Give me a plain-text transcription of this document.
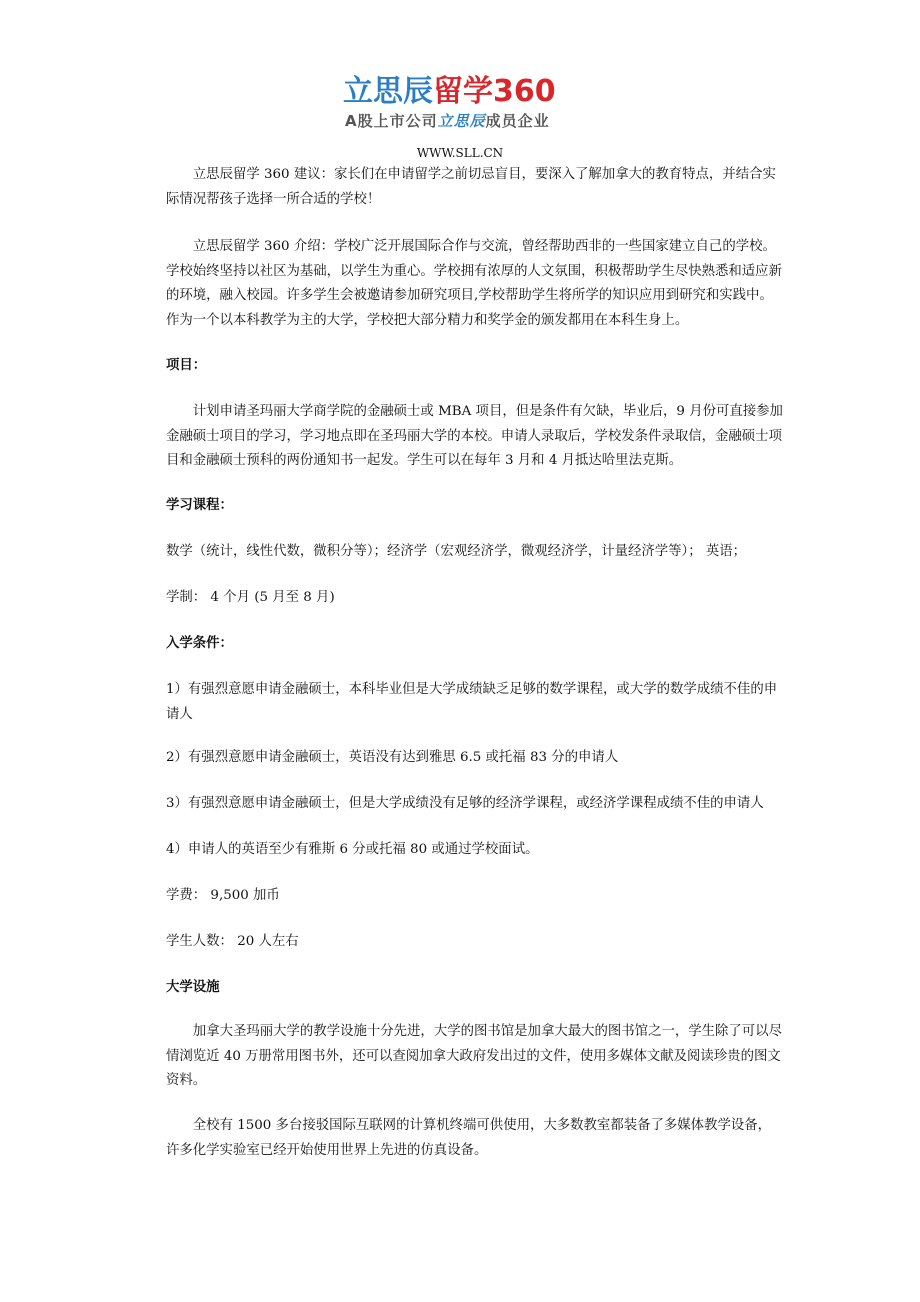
立思辰留学360
A股上市公司立思辰成员企业
WWW.SLL.CN

立思辰留学 360 建议：家长们在申请留学之前切忌盲目，要深入了解加拿大的教育特点，并结合实际情况帮孩子选择一所合适的学校！

立思辰留学 360 介绍：学校广泛开展国际合作与交流，曾经帮助西非的一些国家建立自己的学校。学校始终坚持以社区为基础，以学生为重心。学校拥有浓厚的人文氛围，积极帮助学生尽快熟悉和适应新的环境，融入校园。许多学生会被邀请参加研究项目,学校帮助学生将所学的知识应用到研究和实践中。作为一个以本科教学为主的大学，学校把大部分精力和奖学金的颁发都用在本科生身上。

项目：

计划申请圣玛丽大学商学院的金融硕士或 MBA 项目，但是条件有欠缺，毕业后，9 月份可直接参加金融硕士项目的学习，学习地点即在圣玛丽大学的本校。申请人录取后，学校发条件录取信，金融硕士项目和金融硕士预科的两份通知书一起发。学生可以在每年 3 月和 4 月抵达哈里法克斯。

学习课程：

数学（统计，线性代数，微积分等）；经济学（宏观经济学，微观经济学，计量经济学等）； 英语；

学制： 4 个月 (5 月至 8 月)

入学条件：

1）有强烈意愿申请金融硕士，本科毕业但是大学成绩缺乏足够的数学课程，或大学的数学成绩不佳的申请人

2）有强烈意愿申请金融硕士，英语没有达到雅思 6.5 或托福 83 分的申请人

3）有强烈意愿申请金融硕士，但是大学成绩没有足够的经济学课程，或经济学课程成绩不佳的申请人

4）申请人的英语至少有雅斯 6 分或托福 80 或通过学校面试。

学费： 9,500 加币

学生人数： 20 人左右

大学设施

加拿大圣玛丽大学的教学设施十分先进，大学的图书馆是加拿大最大的图书馆之一，学生除了可以尽情浏览近 40 万册常用图书外，还可以查阅加拿大政府发出过的文件，使用多媒体文献及阅读珍贵的图文资料。

全校有 1500 多台接驳国际互联网的计算机终端可供使用，大多数教室都装备了多媒体教学设备，许多化学实验室已经开始使用世界上先进的仿真设备。
